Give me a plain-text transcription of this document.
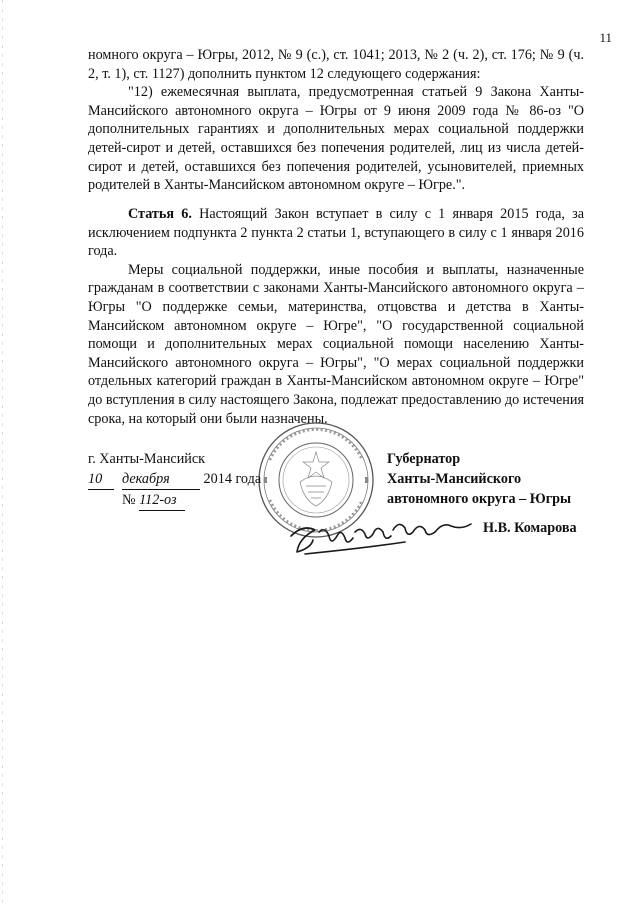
11

номного округа – Югры, 2012, № 9 (с.), ст. 1041; 2013, № 2 (ч. 2), ст. 176; № 9 (ч. 2, т. 1), ст. 1127) дополнить пунктом 12 следующего содержания:

"12) ежемесячная выплата, предусмотренная статьей 9 Закона Ханты-Мансийского автономного округа – Югры от 9 июня 2009 года № 86-оз "О дополнительных гарантиях и дополнительных мерах социальной поддержки детей-сирот и детей, оставшихся без попечения родителей, лиц из числа детей-сирот и детей, оставшихся без попечения родителей, усыновителей, приемных родителей в Ханты-Мансийском автономном округе – Югре.".

Статья 6. Настоящий Закон вступает в силу с 1 января 2015 года, за исключением подпункта 2 пункта 2 статьи 1, вступающего в силу с 1 января 2016 года.

Меры социальной поддержки, иные пособия и выплаты, назначенные гражданам в соответствии с законами Ханты-Мансийского автономного округа – Югры "О поддержке семьи, материнства, отцовства и детства в Ханты-Мансийском автономном округе – Югре", "О государственной социальной помощи и дополнительных мерах социальной помощи населению Ханты-Мансийского автономного округа – Югры", "О мерах социальной поддержки отдельных категорий граждан в Ханты-Мансийском автономном округе – Югре" до вступления в силу настоящего Закона, подлежат предоставлению до истечения срока, на который они были назначены.

г. Ханты-Мансийск
10 декабря 2014 года
№ 112-оз
Губернатор
Ханты-Мансийского
автономного округа – Югры
Н.В. Комарова
